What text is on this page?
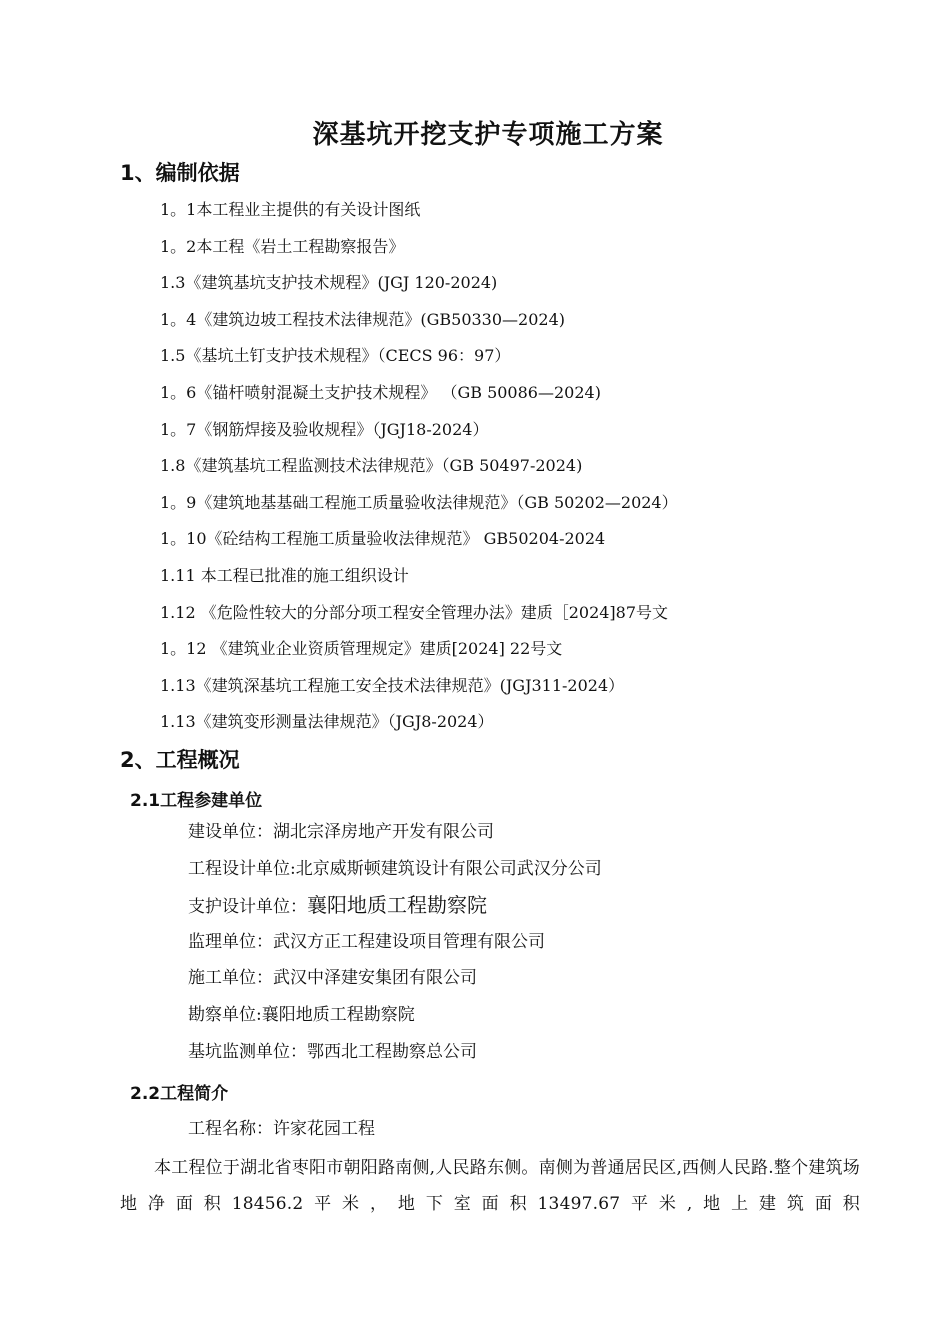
深基坑开挖支护专项施工方案
1、编制依据
1。1本工程业主提供的有关设计图纸
1。2本工程《岩土工程勘察报告》
1.3《建筑基坑支护技术规程》(JGJ 120-2024)
1。4《建筑边坡工程技术法律规范》(GB50330—2024)
1.5《基坑土钉支护技术规程》（CECS 96：97）
1。6《锚杆喷射混凝土支护技术规程》 （GB 50086—2024)
1。7《钢筋焊接及验收规程》（JGJ18-2024）
1.8《建筑基坑工程监测技术法律规范》（GB 50497-2024)
1。9《建筑地基基础工程施工质量验收法律规范》（GB 50202—2024）
1。10《砼结构工程施工质量验收法律规范》 GB50204-2024
1.11 本工程已批准的施工组织设计
1.12 《危险性较大的分部分项工程安全管理办法》建质［2024]87号文
1。12 《建筑业企业资质管理规定》建质[2024] 22号文
1.13《建筑深基坑工程施工安全技术法律规范》(JGJ311-2024）
1.13《建筑变形测量法律规范》（JGJ8-2024）
2、工程概况
2.1工程参建单位
建设单位：湖北宗泽房地产开发有限公司
工程设计单位:北京威斯顿建筑设计有限公司武汉分公司
支护设计单位：襄阳地质工程勘察院
监理单位：武汉方正工程建设项目管理有限公司
施工单位：武汉中泽建安集团有限公司
勘察单位:襄阳地质工程勘察院
基坑监测单位：鄂西北工程勘察总公司
2.2工程简介
工程名称：许家花园工程
本工程位于湖北省枣阳市朝阳路南侧,人民路东侧。南侧为普通居民区,西侧人民路.整个建筑场地净面积18456.2平米，地下室面积13497.67平米,地上建筑面积
